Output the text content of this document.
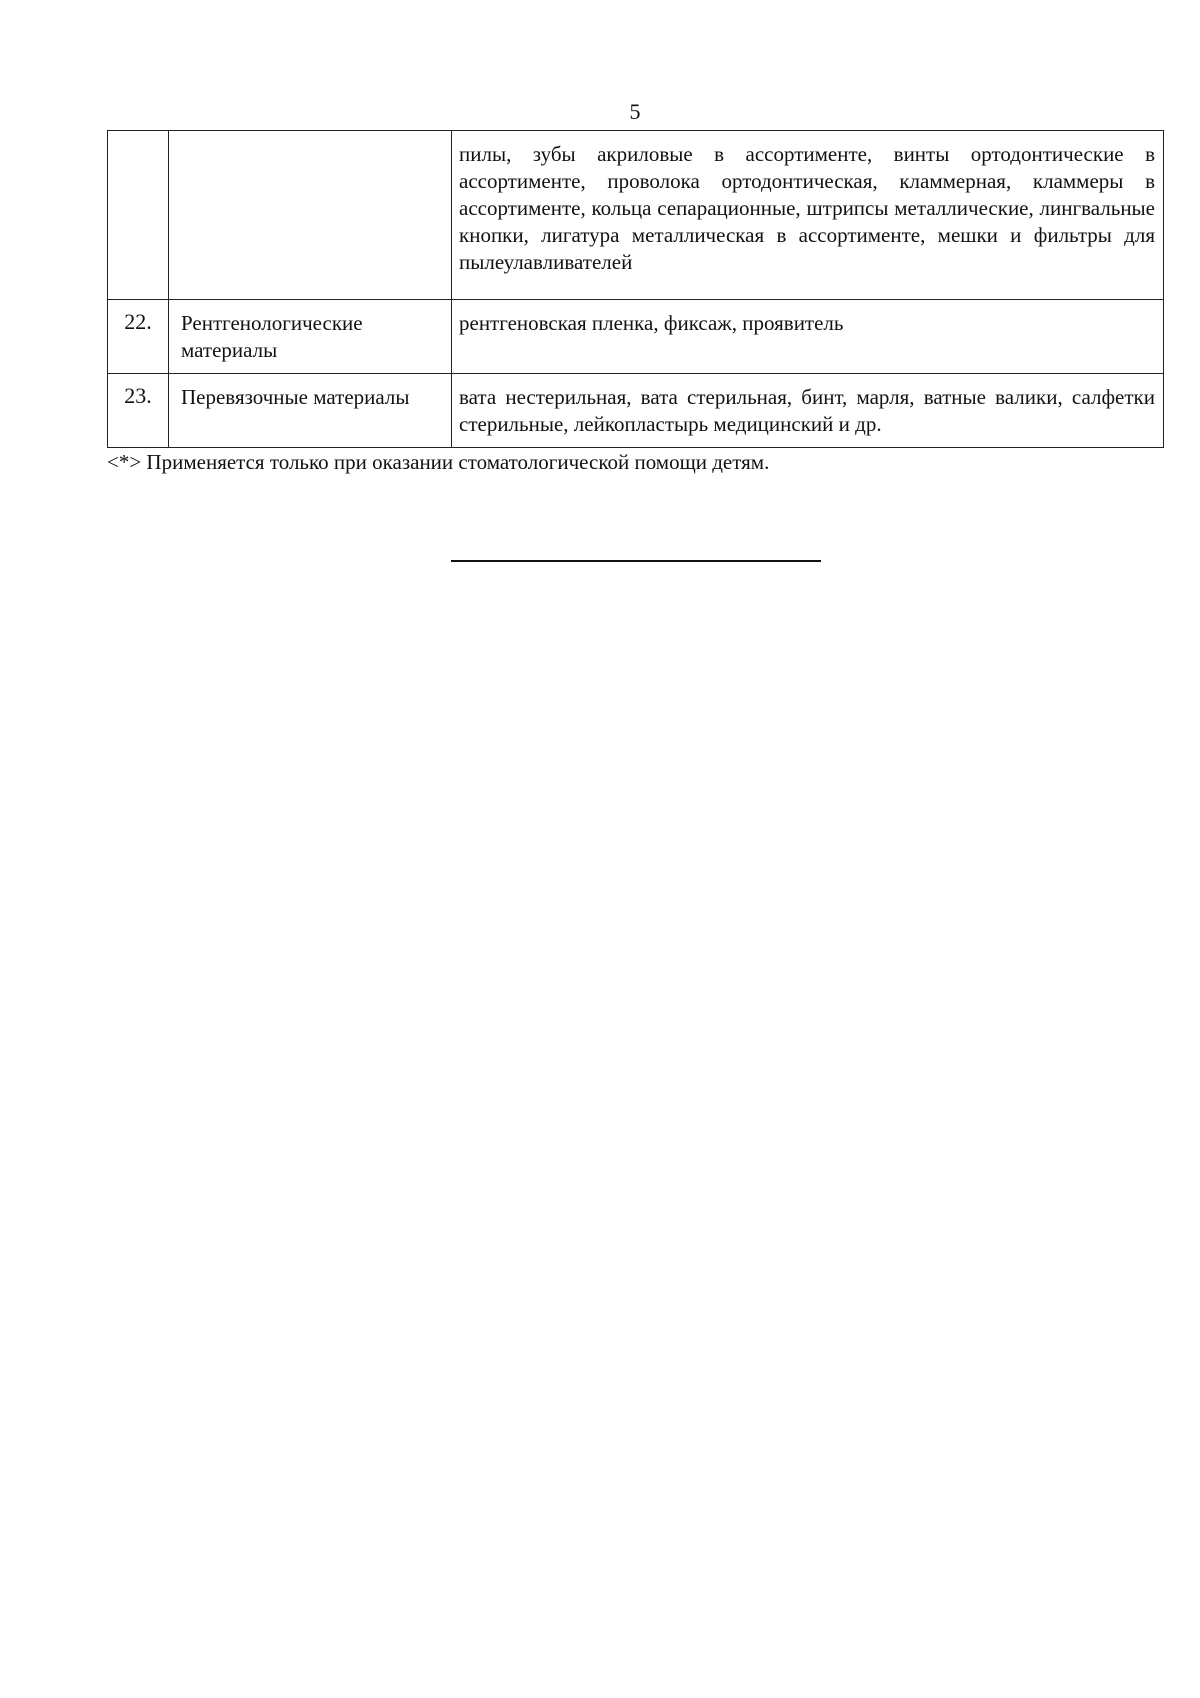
5
		пилы, зубы акриловые в ассортименте, винты ортодонтические в ассортименте, проволока ортодонтическая, кламмерная, кламмеры в ассортименте, кольца сепарационные, штрипсы металлические, лингвальные кнопки, лигатура металлическая в ассортименте, мешки и фильтры для пылеулавливателей
22.	Рентгенологические материалы	рентгеновская пленка, фиксаж, проявитель
23.	Перевязочные материалы	вата нестерильная, вата стерильная, бинт, марля, ватные валики, салфетки стерильные, лейкопластырь медицинский и др.
<*> Применяется только при оказании стоматологической помощи детям.
